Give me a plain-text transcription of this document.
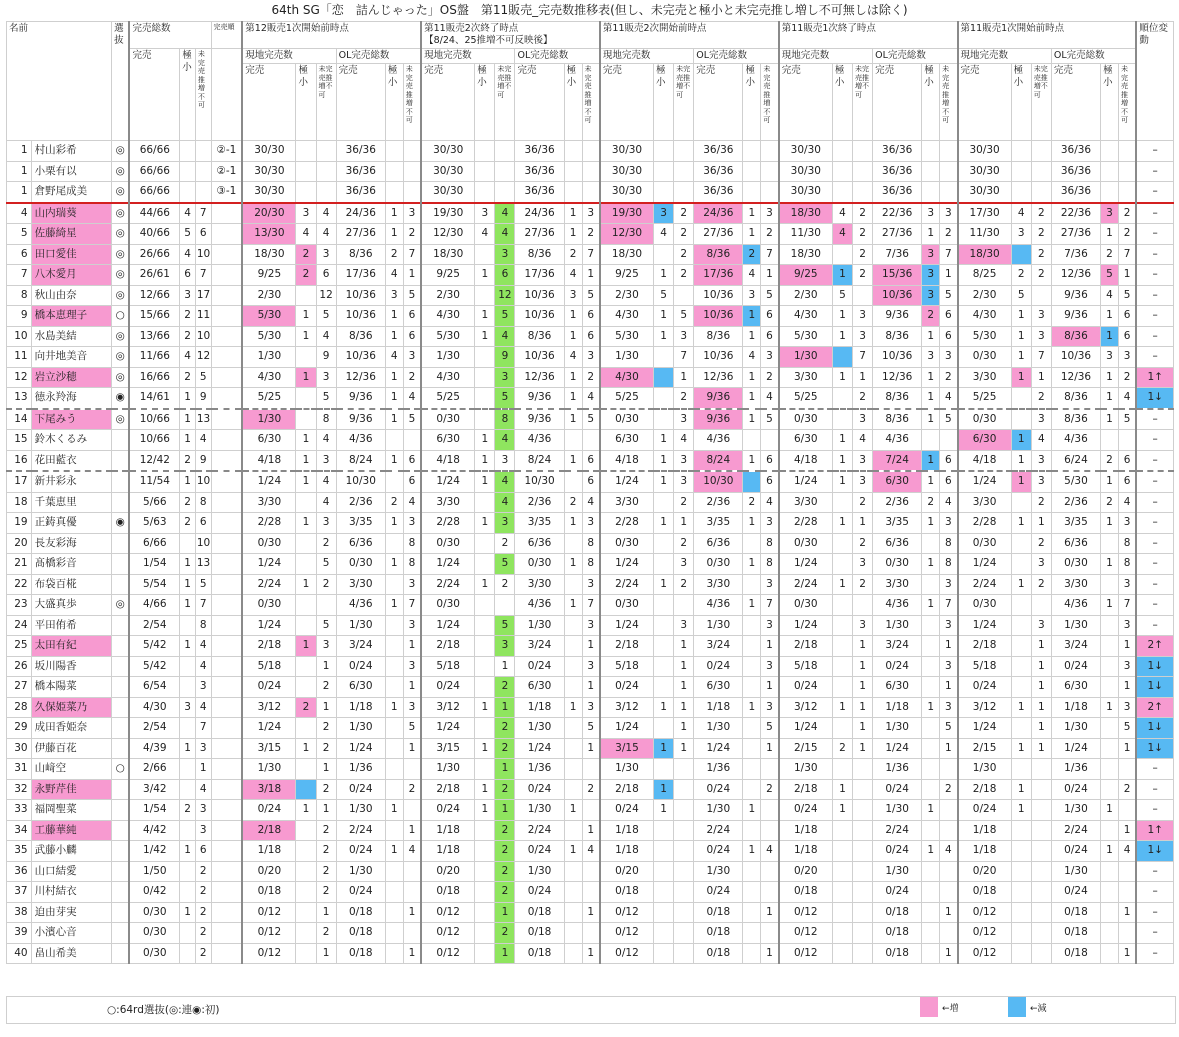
64th SG「恋　詰んじゃった」OS盤　第11販売_完売数推移表(但し、未完売と極小と未完売推し増し不可無しは除く)
名前		選抜	完売総数			完売順	第12販売1次開始前時点						第11販売2次終了時点
【8/24、25推増不可反映後】						第11販売2次開始前時点						第11販売1次終了時点						第11販売1次開始前時点						順位変動
			完売	極小	未完売推増不可		現地完売数			OL完売総数			現地完売数			OL完売総数			現地完売数			OL完売総数			現地完売数			OL完売総数			現地完売数			OL完売総数			
							完売	極小	未完売推増不可	完売	極小	未完売推増不可	完売	極小	未完売推増不可	完売	極小	未完売推増不可	完売	極小	未完売推増不可	完売	極小	未完売推増不可	完売	極小	未完売推増不可	完売	極小	未完売推増不可	完売	極小	未完売推増不可	完売	極小	未完売推増不可	
1	村山彩希	◎	66/66			②-1	30/30			36/36			30/30			36/36			30/30			36/36			30/30			36/36			30/30			36/36			–
1	小栗有以	◎	66/66			②-1	30/30			36/36			30/30			36/36			30/30			36/36			30/30			36/36			30/30			36/36			–
1	倉野尾成美	◎	66/66			③-1	30/30			36/36			30/30			36/36			30/30			36/36			30/30			36/36			30/30			36/36			–
4	山内瑞葵	◎	44/66	4	7		20/30	3	4	24/36	1	3	19/30	3	4	24/36	1	3	19/30	3	2	24/36	1	3	18/30	4	2	22/36	3	3	17/30	4	2	22/36	3	2	–
5	佐藤綺星	◎	40/66	5	6		13/30	4	4	27/36	1	2	12/30	4	4	27/36	1	2	12/30	4	2	27/36	1	2	11/30	4	2	27/36	1	2	11/30	3	2	27/36	1	2	–
6	田口愛佳	◎	26/66	4	10		18/30	2	3	8/36	2	7	18/30		3	8/36	2	7	18/30		2	8/36	2	7	18/30		2	7/36	3	7	18/30		2	7/36	2	7	–
7	八木愛月	◎	26/61	6	7		9/25	2	6	17/36	4	1	9/25	1	6	17/36	4	1	9/25	1	2	17/36	4	1	9/25	1	2	15/36	3	1	8/25	2	2	12/36	5	1	–
8	秋山由奈	◎	12/66	3	17		2/30		12	10/36	3	5	2/30		12	10/36	3	5	2/30	5		10/36	3	5	2/30	5		10/36	3	5	2/30	5		9/36	4	5	–
9	橋本恵理子	○	15/66	2	11		5/30	1	5	10/36	1	6	4/30	1	5	10/36	1	6	4/30	1	5	10/36	1	6	4/30	1	3	9/36	2	6	4/30	1	3	9/36	1	6	–
10	水島美結	◎	13/66	2	10		5/30	1	4	8/36	1	6	5/30	1	4	8/36	1	6	5/30	1	3	8/36	1	6	5/30	1	3	8/36	1	6	5/30	1	3	8/36	1	6	–
11	向井地美音	◎	11/66	4	12		1/30		9	10/36	4	3	1/30		9	10/36	4	3	1/30		7	10/36	4	3	1/30		7	10/36	3	3	0/30	1	7	10/36	3	3	–
12	岩立沙穂	◎	16/66	2	5		4/30	1	3	12/36	1	2	4/30		3	12/36	1	2	4/30		1	12/36	1	2	3/30	1	1	12/36	1	2	3/30	1	1	12/36	1	2	1↑
13	徳永羚海	◉	14/61	1	9		5/25		5	9/36	1	4	5/25		5	9/36	1	4	5/25		2	9/36	1	4	5/25		2	8/36	1	4	5/25		2	8/36	1	4	1↓
14	下尾みう	◎	10/66	1	13		1/30		8	9/36	1	5	0/30		8	9/36	1	5	0/30		3	9/36	1	5	0/30		3	8/36	1	5	0/30		3	8/36	1	5	–
15	鈴木くるみ		10/66	1	4		6/30	1	4	4/36			6/30	1	4	4/36			6/30	1	4	4/36			6/30	1	4	4/36			6/30	1	4	4/36			–
16	花田藍衣		12/42	2	9		4/18	1	3	8/24	1	6	4/18	1	3	8/24	1	6	4/18	1	3	8/24	1	6	4/18	1	3	7/24	1	6	4/18	1	3	6/24	2	6	–
17	新井彩永		11/54	1	10		1/24	1	4	10/30		6	1/24	1	4	10/30		6	1/24	1	3	10/30		6	1/24	1	3	6/30	1	6	1/24	1	3	5/30	1	6	–
18	千葉恵里		5/66	2	8		3/30		4	2/36	2	4	3/30		4	2/36	2	4	3/30		2	2/36	2	4	3/30		2	2/36	2	4	3/30		2	2/36	2	4	–
19	正鋳真優	◉	5/63	2	6		2/28	1	3	3/35	1	3	2/28	1	3	3/35	1	3	2/28	1	1	3/35	1	3	2/28	1	1	3/35	1	3	2/28	1	1	3/35	1	3	–
20	長友彩海		6/66		10		0/30		2	6/36		8	0/30		2	6/36		8	0/30		2	6/36		8	0/30		2	6/36		8	0/30		2	6/36		8	–
21	髙橋彩音		1/54	1	13		1/24		5	0/30	1	8	1/24		5	0/30	1	8	1/24		3	0/30	1	8	1/24		3	0/30	1	8	1/24		3	0/30	1	8	–
22	布袋百椛		5/54	1	5		2/24	1	2	3/30		3	2/24	1	2	3/30		3	2/24	1	2	3/30		3	2/24	1	2	3/30		3	2/24	1	2	3/30		3	–
23	大盛真歩	◎	4/66	1	7		0/30			4/36	1	7	0/30			4/36	1	7	0/30			4/36	1	7	0/30			4/36	1	7	0/30			4/36	1	7	–
24	平田侑希		2/54		8		1/24		5	1/30		3	1/24		5	1/30		3	1/24		3	1/30		3	1/24		3	1/30		3	1/24		3	1/30		3	–
25	太田有紀		5/42	1	4		2/18	1	3	3/24		1	2/18		3	3/24		1	2/18		1	3/24		1	2/18		1	3/24		1	2/18		1	3/24		1	2↑
26	坂川陽香		5/42		4		5/18		1	0/24		3	5/18		1	0/24		3	5/18		1	0/24		3	5/18		1	0/24		3	5/18		1	0/24		3	1↓
27	橋本陽菜		6/54		3		0/24		2	6/30		1	0/24		2	6/30		1	0/24		1	6/30		1	0/24		1	6/30		1	0/24		1	6/30		1	1↓
28	久保姫菜乃		4/30	3	4		3/12	2	1	1/18	1	3	3/12	1	1	1/18	1	3	3/12	1	1	1/18	1	3	3/12	1	1	1/18	1	3	3/12	1	1	1/18	1	3	2↑
29	成田香姫奈		2/54		7		1/24		2	1/30		5	1/24		2	1/30		5	1/24		1	1/30		5	1/24		1	1/30		5	1/24		1	1/30		5	1↓
30	伊藤百花		4/39	1	3		3/15	1	2	1/24		1	3/15	1	2	1/24		1	3/15	1	1	1/24		1	2/15	2	1	1/24		1	2/15	1	1	1/24		1	1↓
31	山﨑空	○	2/66		1		1/30		1	1/36			1/30		1	1/36			1/30			1/36			1/30			1/36			1/30			1/36			–
32	永野芹佳		3/42		4		3/18		2	0/24		2	2/18	1	2	0/24		2	2/18	1		0/24		2	2/18	1		0/24		2	2/18	1		0/24		2	–
33	福岡聖菜		1/54	2	3		0/24	1	1	1/30	1		0/24	1	1	1/30	1		0/24	1		1/30	1		0/24	1		1/30	1		0/24	1		1/30	1		–
34	工藤華純		4/42		3		2/18		2	2/24		1	1/18		2	2/24		1	1/18			2/24			1/18			2/24			1/18			2/24		1	1↑
35	武藤小麟		1/42	1	6		1/18		2	0/24	1	4	1/18		2	0/24	1	4	1/18			0/24	1	4	1/18			0/24	1	4	1/18			0/24	1	4	1↓
36	山口結愛		1/50		2		0/20		2	1/30			0/20		2	1/30			0/20			1/30			0/20			1/30			0/20			1/30			–
37	川村結衣		0/42		2		0/18		2	0/24			0/18		2	0/24			0/18			0/24			0/18			0/24			0/18			0/24			–
38	迫由芽実		0/30	1	2		0/12		1	0/18		1	0/12		1	0/18		1	0/12			0/18		1	0/12			0/18		1	0/12			0/18		1	–
39	小濱心音		0/30		2		0/12		2	0/18			0/12		2	0/18			0/12			0/18			0/12			0/18			0/12			0/18			–
40	畠山希美		0/30		2		0/12		1	0/18		1	0/12		1	0/18		1	0/12			0/18		1	0/12			0/18		1	0/12			0/18		1	–
○:64rd選抜(◎:連◉:初)	←増	←減
